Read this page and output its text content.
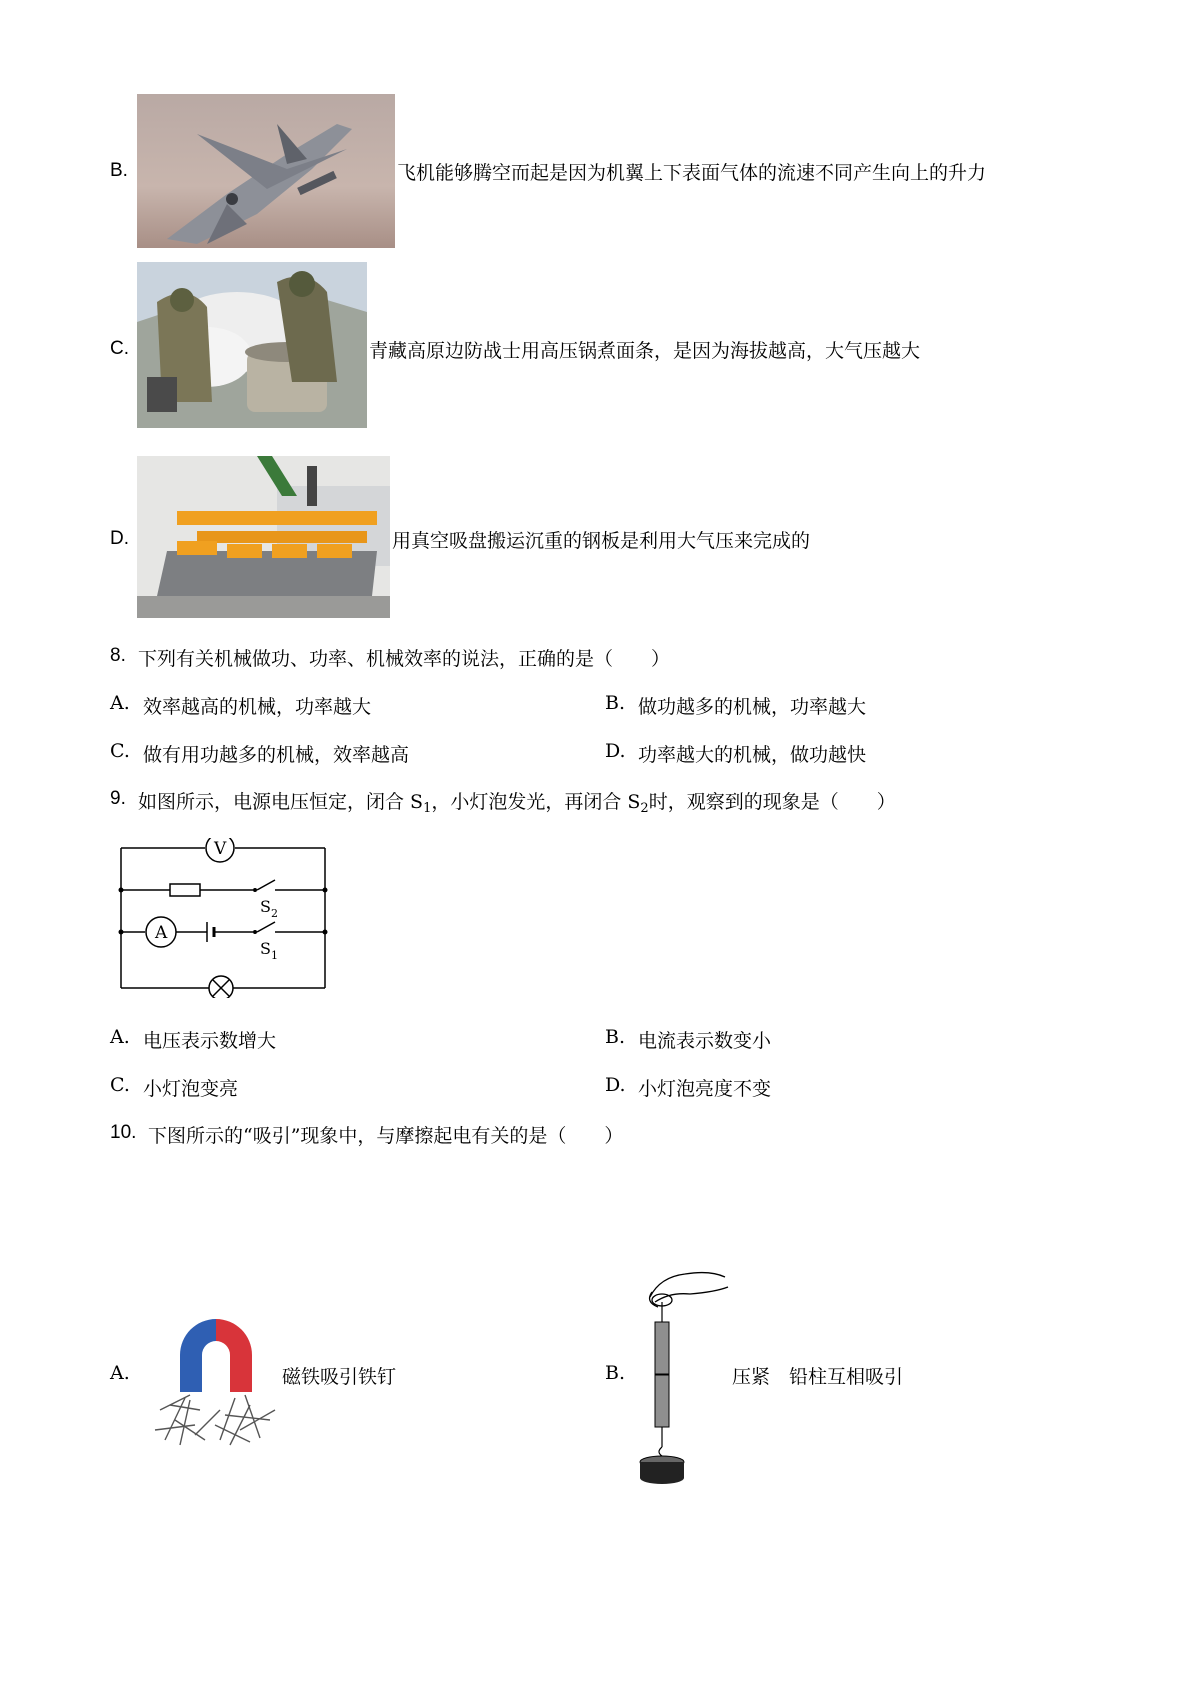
B.	飞机能够腾空而起是因为机翼上下表面气体的流速不同产生向上的升力
C.	青藏高原边防战士用高压锅煮面条，是因为海拔越高，大气压越大
D.	用真空吸盘搬运沉重的钢板是利用大气压来完成的
8. 下列有关机械做功、功率、机械效率的说法，正确的是（　　）
A. 效率越高的机械，功率越大	B. 做功越多的机械，功率越大
C. 做有用功越多的机械，效率越高	D. 功率越大的机械，做功越快
9. 如图所示，电源电压恒定，闭合 $S_1$，小灯泡发光，再闭合 $S_2$时，观察到的现象是（　　）
V
A
S 2
S 1
A. 电压表示数增大	B. 电流表示数变小
C. 小灯泡变亮	D. 小灯泡亮度不变
10. 下图所示的“吸引”现象中，与摩擦起电有关的是（　　）
A.	磁铁吸引铁钉	B.	压紧　铅柱互相吸引
